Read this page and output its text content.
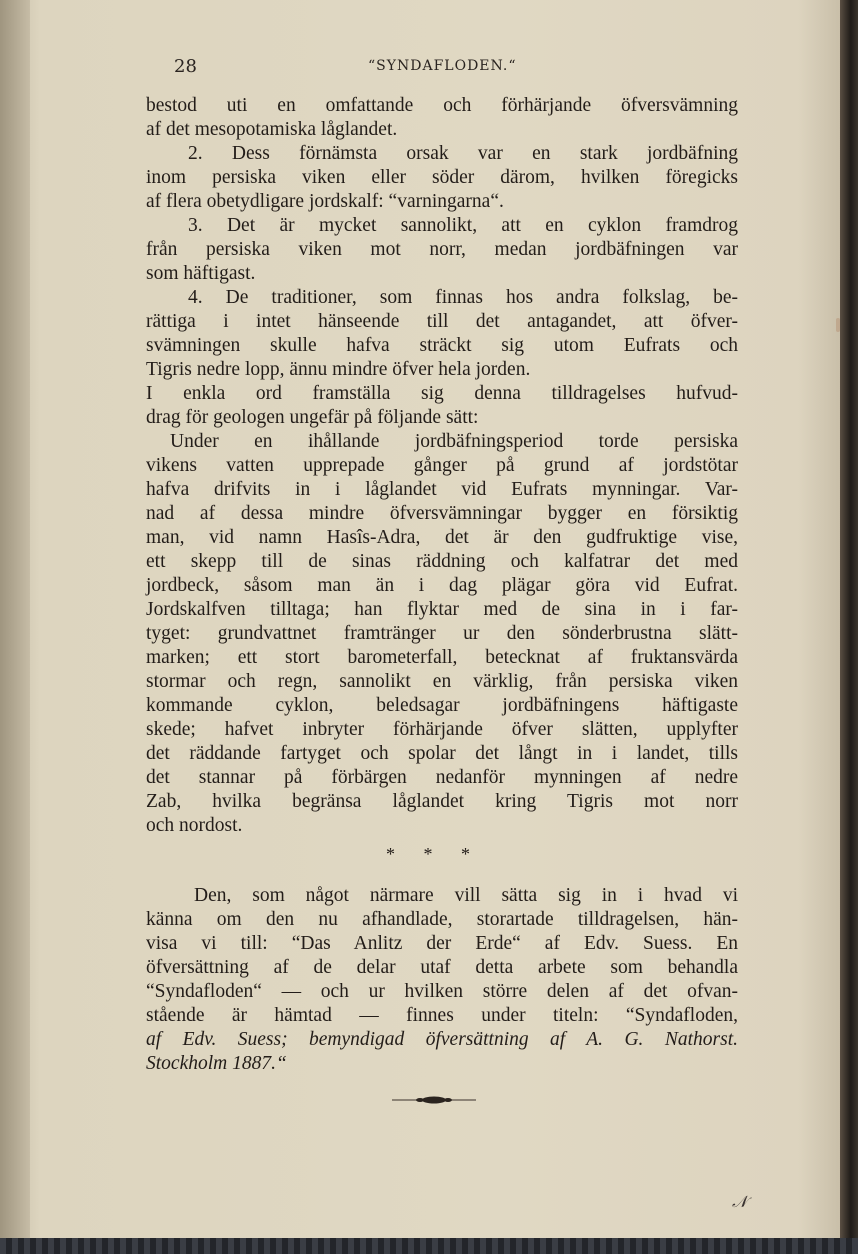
28	“SYNDAFLODEN.“
bestod uti en omfattande och förhärjande öfversvämning
af det mesopotamiska låglandet.
2. Dess förnämsta orsak var en stark jordbäfning
inom persiska viken eller söder därom, hvilken föregicks
af flera obetydligare jordskalf: “varningarna“.
3. Det är mycket sannolikt, att en cyklon framdrog
från persiska viken mot norr, medan jordbäfningen var
som häftigast.
4. De traditioner, som finnas hos andra folkslag, be-
rättiga i intet hänseende till det antagandet, att öfver-
svämningen skulle hafva sträckt sig utom Eufrats och
Tigris nedre lopp, ännu mindre öfver hela jorden.
I enkla ord framställa sig denna tilldragelses hufvud-
drag för geologen ungefär på följande sätt:
Under en ihållande jordbäfningsperiod torde persiska
vikens vatten upprepade gånger på grund af jordstötar
hafva drifvits in i låglandet vid Eufrats mynningar. Var-
nad af dessa mindre öfversvämningar bygger en försiktig
man, vid namn Hasîs-Adra, det är den gudfruktige vise,
ett skepp till de sinas räddning och kalfatrar det med
jordbeck, såsom man än i dag plägar göra vid Eufrat.
Jordskalfven tilltaga; han flyktar med de sina in i far-
tyget: grundvattnet framtränger ur den sönderbrustna slätt-
marken; ett stort barometerfall, betecknat af fruktansvärda
stormar och regn, sannolikt en värklig, från persiska viken
kommande cyklon, beledsagar jordbäfningens häftigaste
skede; hafvet inbryter förhärjande öfver slätten, upplyfter
det räddande fartyget och spolar det långt in i landet, tills
det stannar på förbärgen nedanför mynningen af nedre
Zab, hvilka begränsa låglandet kring Tigris mot norr
och nordost.
* * *
Den, som något närmare vill sätta sig in i hvad vi
känna om den nu afhandlade, storartade tilldragelsen, hän-
visa vi till: “Das Anlitz der Erde“ af Edv. Suess. En
öfversättning af de delar utaf detta arbete som behandla
“Syndafloden“ — och ur hvilken större delen af det ofvan-
stående är hämtad — finnes under titeln: “Syndafloden,
af Edv. Suess; bemyndigad öfversättning af A. G. Nathorst.
Stockholm 1887.“
𝒩
